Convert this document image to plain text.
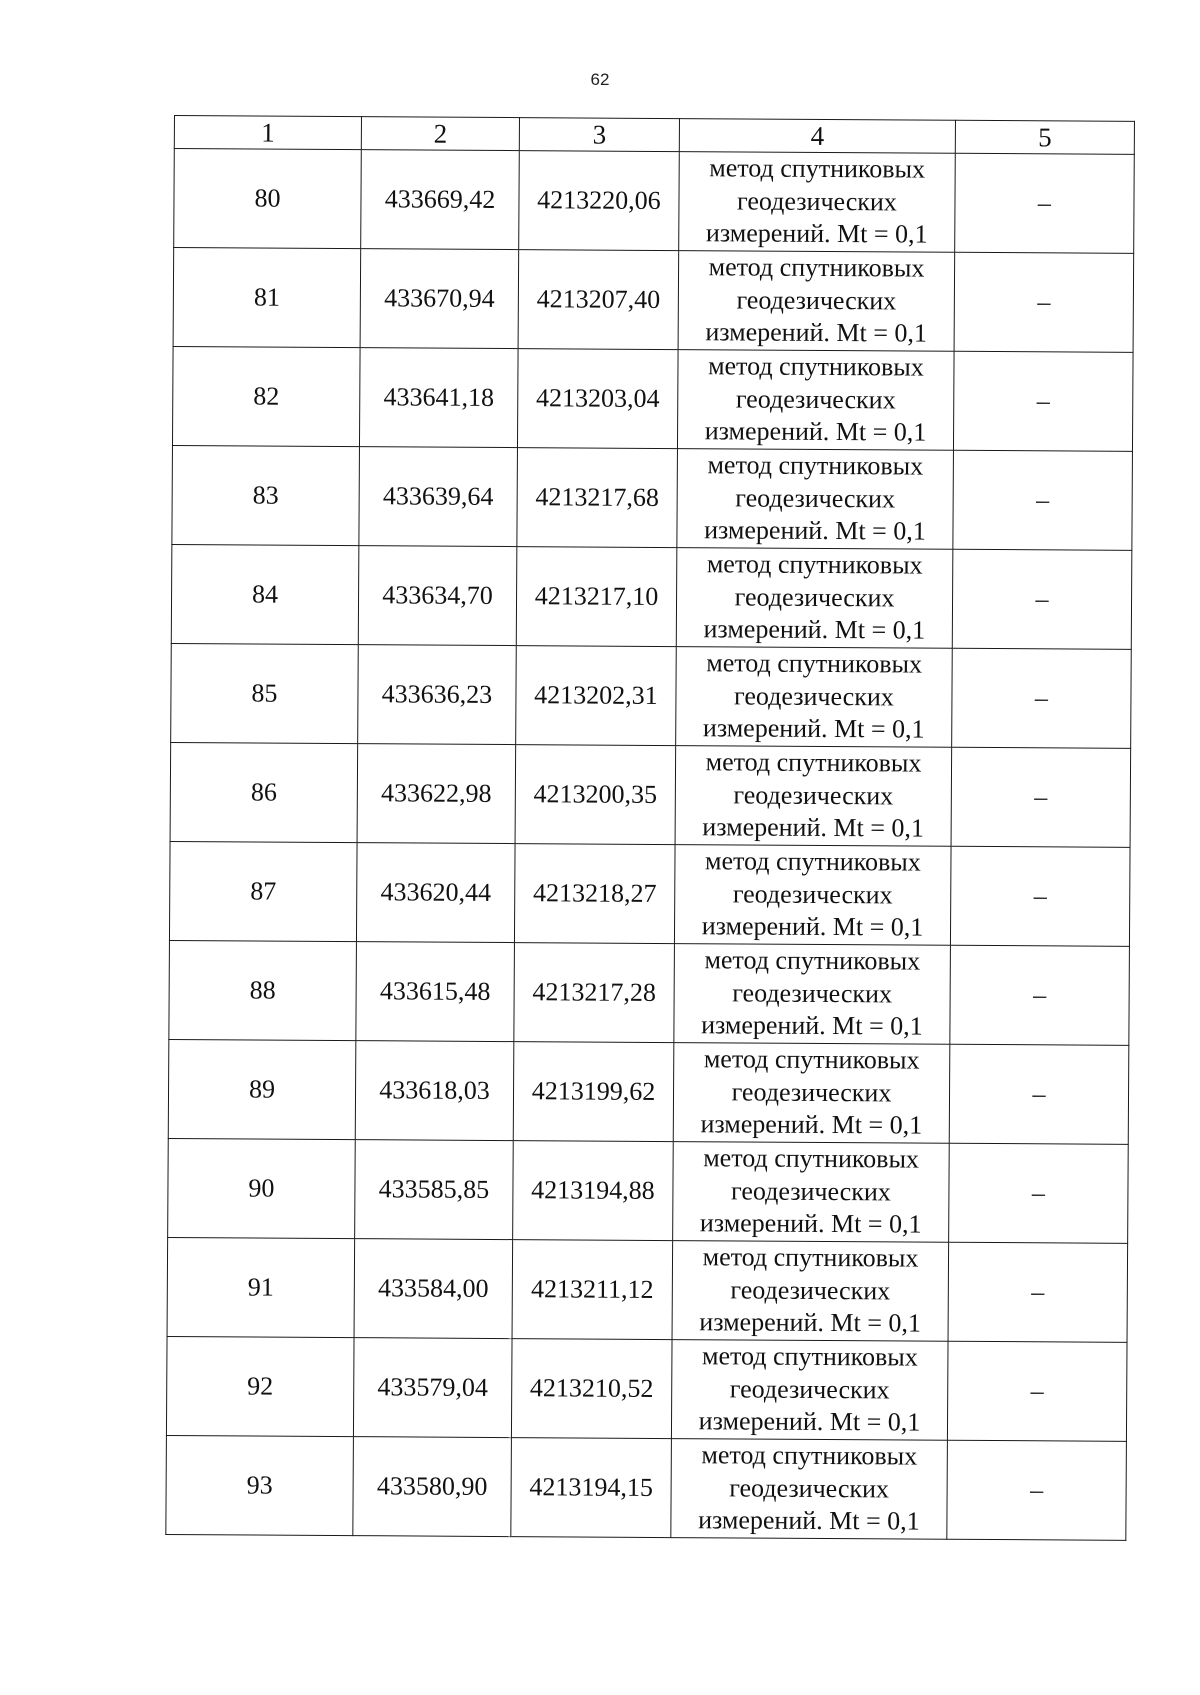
62
1	2	3	4	5
80	433669,42	4213220,06	метод спутниковых
геодезических
измерений. Mt = 0,1	–
81	433670,94	4213207,40	метод спутниковых
геодезических
измерений. Mt = 0,1	–
82	433641,18	4213203,04	метод спутниковых
геодезических
измерений. Mt = 0,1	–
83	433639,64	4213217,68	метод спутниковых
геодезических
измерений. Mt = 0,1	–
84	433634,70	4213217,10	метод спутниковых
геодезических
измерений. Mt = 0,1	–
85	433636,23	4213202,31	метод спутниковых
геодезических
измерений. Mt = 0,1	–
86	433622,98	4213200,35	метод спутниковых
геодезических
измерений. Mt = 0,1	–
87	433620,44	4213218,27	метод спутниковых
геодезических
измерений. Mt = 0,1	–
88	433615,48	4213217,28	метод спутниковых
геодезических
измерений. Mt = 0,1	–
89	433618,03	4213199,62	метод спутниковых
геодезических
измерений. Mt = 0,1	–
90	433585,85	4213194,88	метод спутниковых
геодезических
измерений. Mt = 0,1	–
91	433584,00	4213211,12	метод спутниковых
геодезических
измерений. Mt = 0,1	–
92	433579,04	4213210,52	метод спутниковых
геодезических
измерений. Mt = 0,1	–
93	433580,90	4213194,15	метод спутниковых
геодезических
измерений. Mt = 0,1	–
